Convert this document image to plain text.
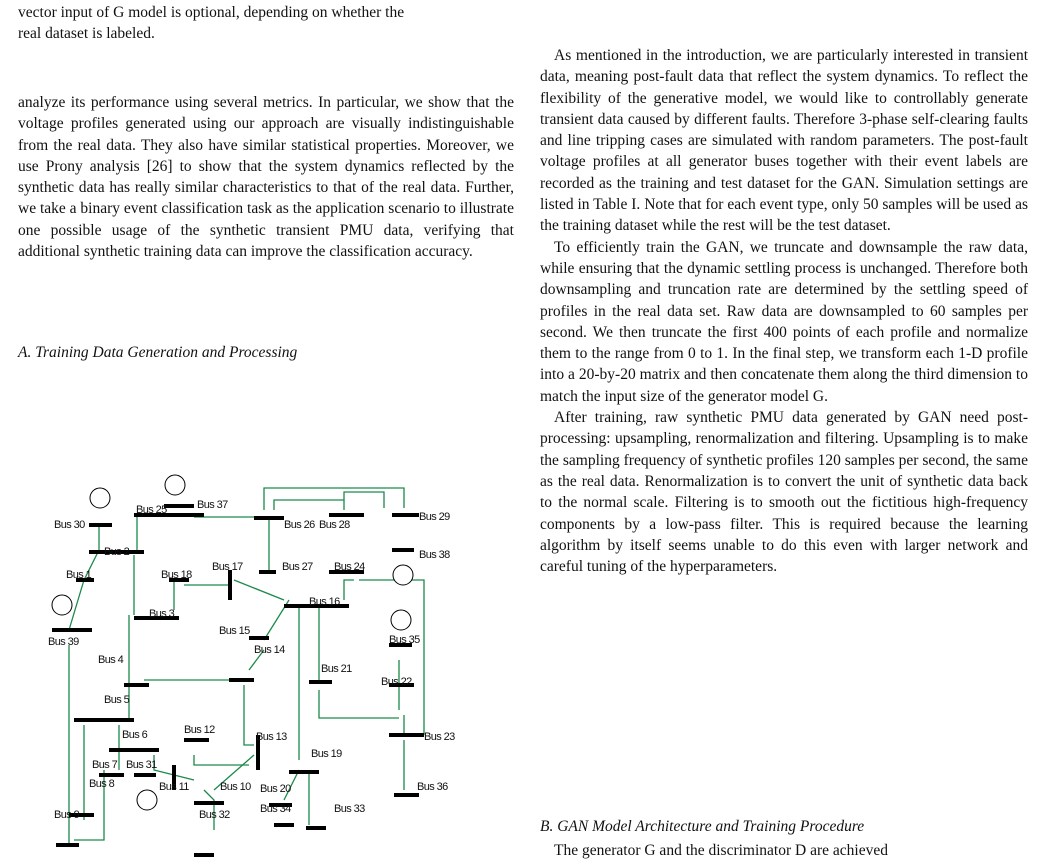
vector input of G model is optional, depending on whether the

real dataset is labeled.

analyze its performance using several metrics. In particular, we show that the voltage profiles generated using our approach are visually indistinguishable from the real data. They also have similar statistical properties. Moreover, we use Prony analysis [26] to show that the system dynamics reflected by the synthetic data has really similar characteristics to that of the real data. Further, we take a binary event classification task as the application scenario to illustrate one possible usage of the synthetic transient PMU data, verifying that additional synthetic training data can improve the classification accuracy.

A. Training Data Generation and Processing

Bus 37
Bus 30
Bus 25
Bus 26 Bus 28
Bus 29
Bus 38
Bus 2
Bus 1	Bus 18
Bus 17	Bus 27 Bus 24
Bus 39
Bus 3
Bus 16
Bus 35
Bus 15
Bus 14
Bus 4
Bus 21
Bus 22
Bus 5
Bus 12
Bus 13
Bus 6
Bus 7 Bus 31
Bus 11
Bus 19
Bus 23
Bus 8	Bus 10 Bus 20
Bus 34	Bus 33
Bus 36
Bus 9	Bus 32

As mentioned in the introduction, we are particularly interested in transient data, meaning post-fault data that reflect the system dynamics. To reflect the flexibility of the generative model, we would like to controllably generate transient data caused by different faults. Therefore 3-phase self-clearing faults and line tripping cases are simulated with random parameters. The post-fault voltage profiles at all generator buses together with their event labels are recorded as the training and test dataset for the GAN. Simulation settings are listed in Table I. Note that for each event type, only 50 samples will be used as the training dataset while the rest will be the test dataset.

To efficiently train the GAN, we truncate and downsample the raw data, while ensuring that the dynamic settling process is unchanged. Therefore both downsampling and truncation rate are determined by the settling speed of profiles in the real data set. Raw data are downsampled to 60 samples per second. We then truncate the first 400 points of each profile and normalize them to the range from 0 to 1. In the final step, we transform each 1-D profile into a 20-by-20 matrix and then concatenate them along the third dimension to match the input size of the generator model G.

After training, raw synthetic PMU data generated by GAN need post-processing: upsampling, renormalization and filtering. Upsampling is to make the sampling frequency of synthetic profiles 120 samples per second, the same as the real data. Renormalization is to convert the unit of synthetic data back to the normal scale. Filtering is to smooth out the fictitious high-frequency components by a low-pass filter. This is required because the learning algorithm by itself seems unable to do this even with larger network and careful tuning of the hyperparameters.

B. GAN Model Architecture and Training Procedure

The generator G and the discriminator D are achieved
